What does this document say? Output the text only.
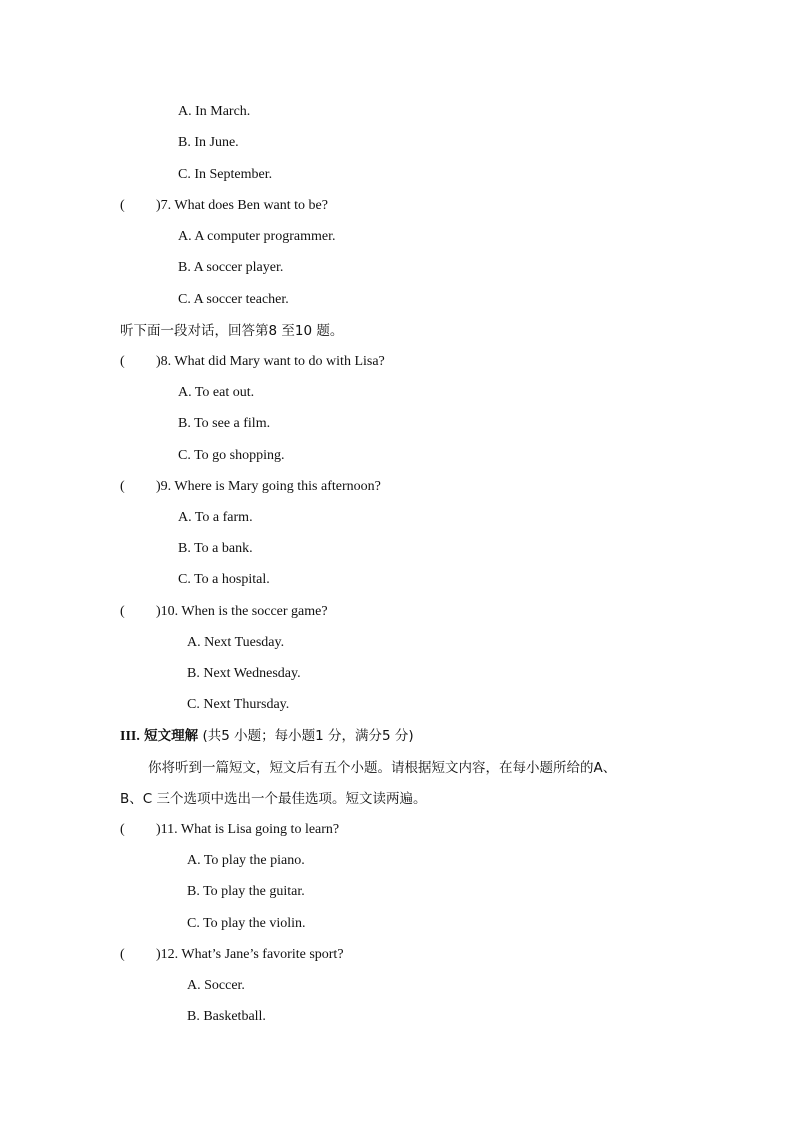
A. In March.
B. In June.
C. In September.
( )7. What does Ben want to be?
A. A computer programmer.
B. A soccer player.
C. A soccer teacher.
听下面一段对话，回答第8 至10 题。
( )8. What did Mary want to do with Lisa?
A. To eat out.
B. To see a film.
C. To go shopping.
( )9. Where is Mary going this afternoon?
A. To a farm.
B. To a bank.
C. To a hospital.
( )10. When is the soccer game?
A. Next Tuesday.
B. Next Wednesday.
C. Next Thursday.
III. 短文理解 (共5 小题；每小题1 分，满分5 分)
你将听到一篇短文，短文后有五个小题。请根据短文内容，在每小题所给的A、
B、C 三个选项中选出一个最佳选项。短文读两遍。
( )11. What is Lisa going to learn?
A. To play the piano.
B. To play the guitar.
C. To play the violin.
( )12. What’s Jane’s favorite sport?
A. Soccer.
B. Basketball.
